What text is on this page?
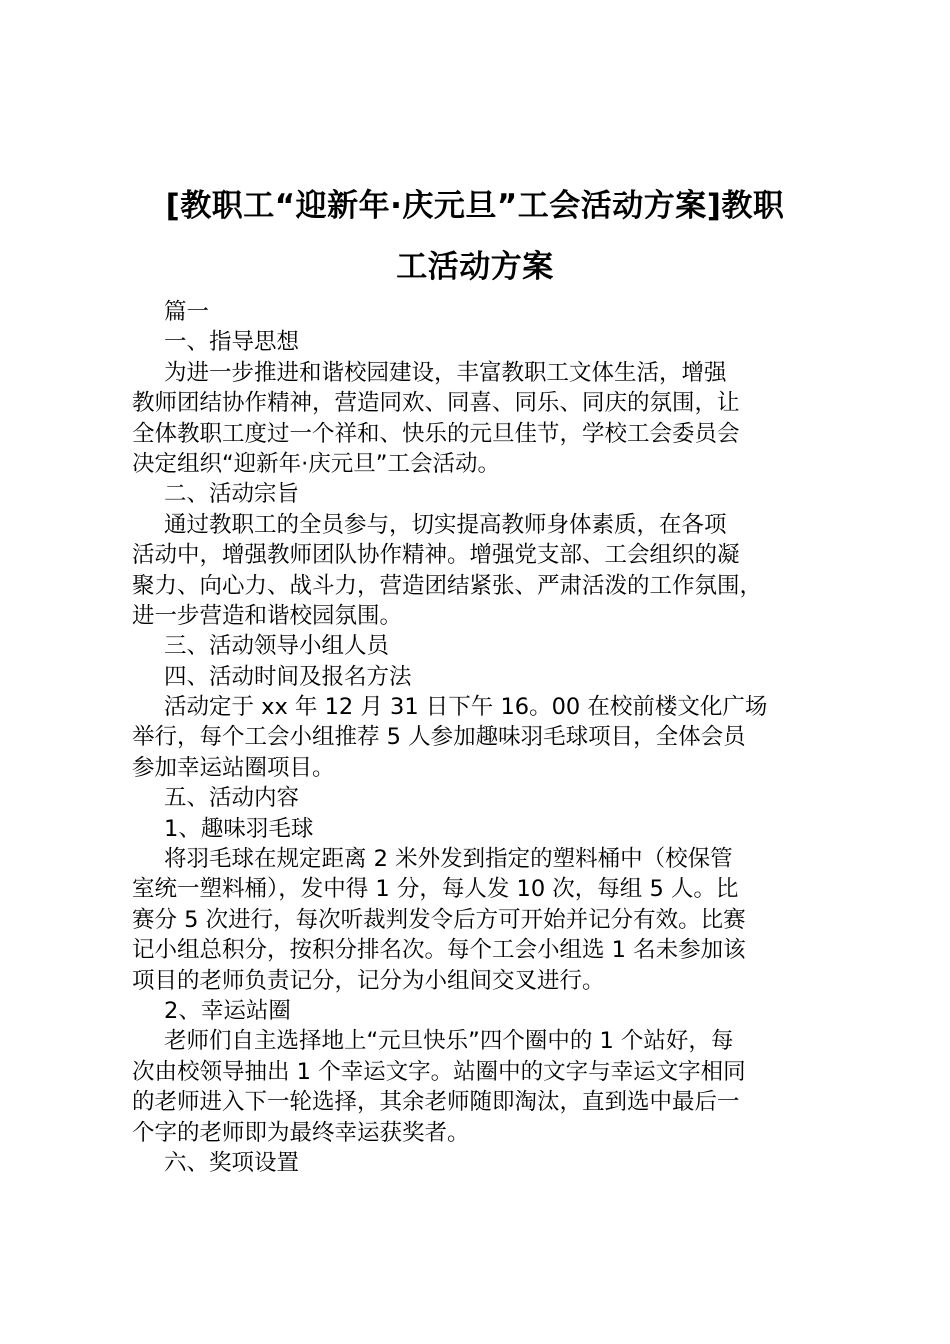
[教职工“迎新年·庆元旦”工会活动方案]教职
工活动方案
篇一
一、指导思想
为进一步推进和谐校园建设，丰富教职工文体生活，增强
教师团结协作精神，营造同欢、同喜、同乐、同庆的氛围，让
全体教职工度过一个祥和、快乐的元旦佳节，学校工会委员会
决定组织“迎新年·庆元旦”工会活动。
二、活动宗旨
通过教职工的全员参与，切实提高教师身体素质，在各项
活动中，增强教师团队协作精神。增强党支部、工会组织的凝
聚力、向心力、战斗力，营造团结紧张、严肃活泼的工作氛围，
进一步营造和谐校园氛围。
三、活动领导小组人员
四、活动时间及报名方法
活动定于 xx 年 12 月 31 日下午 16。00 在校前楼文化广场
举行，每个工会小组推荐 5 人参加趣味羽毛球项目，全体会员
参加幸运站圈项目。
五、活动内容
1、趣味羽毛球
将羽毛球在规定距离 2 米外发到指定的塑料桶中（校保管
室统一塑料桶），发中得 1 分，每人发 10 次，每组 5 人。比
赛分 5 次进行，每次听裁判发令后方可开始并记分有效。比赛
记小组总积分，按积分排名次。每个工会小组选 1 名未参加该
项目的老师负责记分，记分为小组间交叉进行。
2、幸运站圈
老师们自主选择地上“元旦快乐”四个圈中的 1 个站好，每
次由校领导抽出 1 个幸运文字。站圈中的文字与幸运文字相同
的老师进入下一轮选择，其余老师随即淘汰，直到选中最后一
个字的老师即为最终幸运获奖者。
六、奖项设置
